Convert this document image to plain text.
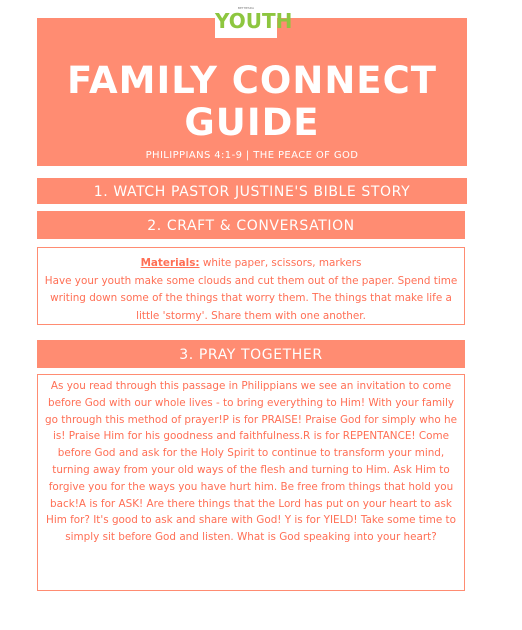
BETHESDA
YOUTH
FAMILY CONNECT
GUIDE
PHILIPPIANS 4:1-9 | THE PEACE OF GOD
1. WATCH PASTOR JUSTINE'S BIBLE STORY
2. CRAFT & CONVERSATION

Materials: white paper, scissors, markers

Have your youth make some clouds and cut them out of the paper. Spend time writing down some of the things that worry them. The things that make life a little 'stormy'. Share them with one another.

3. PRAY TOGETHER

As you read through this passage in Philippians we see an invitation to come before God with our whole lives - to bring everything to Him! With your family go through this method of prayer!P is for PRAISE! Praise God for simply who he is! Praise Him for his goodness and faithfulness.R is for REPENTANCE! Come before God and ask for the Holy Spirit to continue to transform your mind, turning away from your old ways of the flesh and turning to Him. Ask Him to forgive you for the ways you have hurt him. Be free from things that hold you back!A is for ASK! Are there things that the Lord has put on your heart to ask Him for? It's good to ask and share with God! Y is for YIELD! Take some time to simply sit before God and listen. What is God speaking into your heart?
